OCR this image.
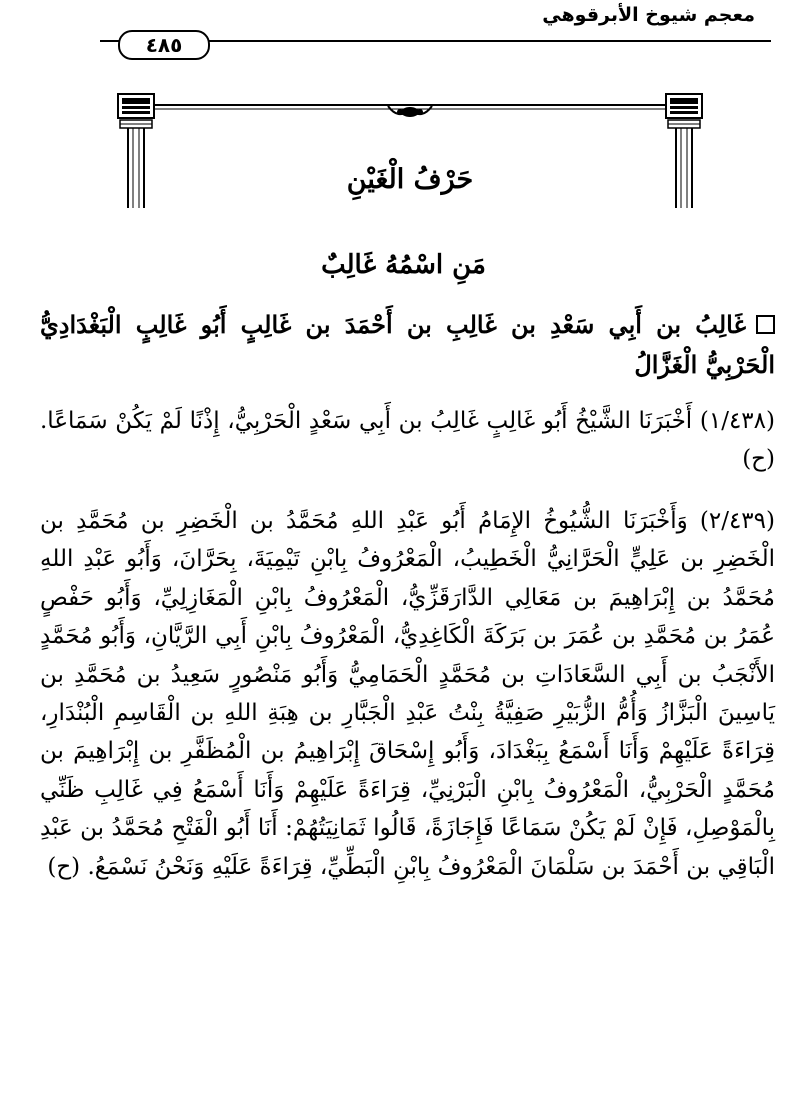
معجم شيوخ الأبرقوهي
٤٨٥
حَرْفُ الْغَيْنِ
مَنِ اسْمُهُ غَالِبٌ
غَالِبُ بن أَبِي سَعْدِ بن غَالِبِ بن أَحْمَدَ بن غَالِبٍ أَبُو غَالِبٍ الْبَغْدَادِيُّ الْحَرْبِيُّ الْغَزَّالُ
(١/٤٣٨) أَخْبَرَنَا الشَّيْخُ أَبُو غَالِبٍ غَالِبُ بن أَبِي سَعْدٍ الْحَرْبِيُّ، إِذْنًا لَمْ يَكُنْ سَمَاعًا. (ح)
(٢/٤٣٩) وَأَخْبَرَنَا الشُّيُوخُ الإِمَامُ أَبُو عَبْدِ اللهِ مُحَمَّدُ بن الْخَضِرِ بن مُحَمَّدِ بن الْخَضِرِ بن عَلِيٍّ الْحَرَّانِيُّ الْخَطِيبُ، الْمَعْرُوفُ بِابْنِ تَيْمِيَةَ، بِحَرَّانَ، وَأَبُو عَبْدِ اللهِ مُحَمَّدُ بن إِبْرَاهِيمَ بن مَعَالِي الدَّارَقَزِّيُّ، الْمَعْرُوفُ بِابْنِ الْمَغَازِلِيِّ، وَأَبُو حَفْصٍ عُمَرُ بن مُحَمَّدِ بن عُمَرَ بن بَرَكَةَ الْكَاغِدِيُّ، الْمَعْرُوفُ بِابْنِ أَبِي الرَّيَّانِ، وَأَبُو مُحَمَّدٍ الأَنْجَبُ بن أَبِي السَّعَادَاتِ بن مُحَمَّدٍ الْحَمَامِيُّ وَأَبُو مَنْصُورٍ سَعِيدُ بن مُحَمَّدِ بن يَاسِينَ الْبَزَّازُ وَأُمُّ الزُّبَيْرِ صَفِيَّةُ بِنْتُ عَبْدِ الْجَبَّارِ بن هِبَةِ اللهِ بن الْقَاسِمِ الْبُنْدَارِ، قِرَاءَةً عَلَيْهِمْ وَأَنَا أَسْمَعُ بِبَغْدَادَ، وَأَبُو إِسْحَاقَ إِبْرَاهِيمُ بن الْمُظَفَّرِ بن إِبْرَاهِيمَ بن مُحَمَّدٍ الْحَرْبِيُّ، الْمَعْرُوفُ بِابْنِ الْبَرْنِيِّ، قِرَاءَةً عَلَيْهِمْ وَأَنَا أَسْمَعُ فِي غَالِبِ ظَنِّي بِالْمَوْصِلِ، فَإِنْ لَمْ يَكُنْ سَمَاعًا فَإِجَازَةً، قَالُوا ثَمَانِيَتُهُمْ: أَنَا أَبُو الْفَتْحِ مُحَمَّدُ بن عَبْدِ الْبَاقِي بن أَحْمَدَ بن سَلْمَانَ الْمَعْرُوفُ بِابْنِ الْبَطِّيِّ، قِرَاءَةً عَلَيْهِ وَنَحْنُ نَسْمَعُ. (ح)
